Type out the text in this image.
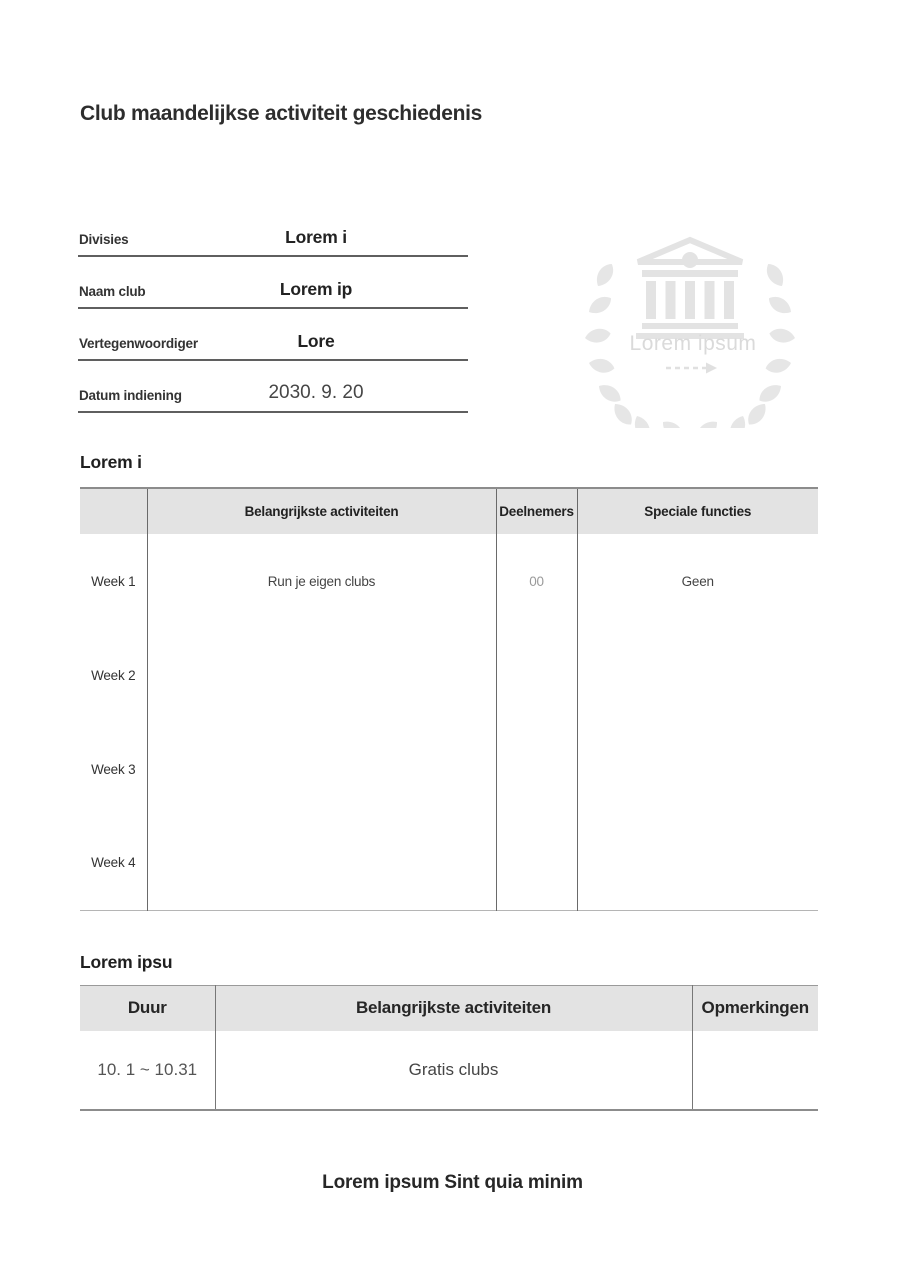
Club maandelijkse activiteit geschiedenis
Divisies	Lorem i
Naam club	Lorem ip
Vertegenwoordiger	Lore
Datum indiening	2030. 9. 20
Lorem ipsum
Lorem i
	Belangrijkste activiteiten	Deelnemers	Speciale functies
Week 1	Run je eigen clubs	00	Geen
Week 2			
Week 3			
Week 4			
Lorem ipsu
Duur	Belangrijkste activiteiten	Opmerkingen
10. 1 ~ 10.31	Gratis clubs	
Lorem ipsum Sint quia minim
